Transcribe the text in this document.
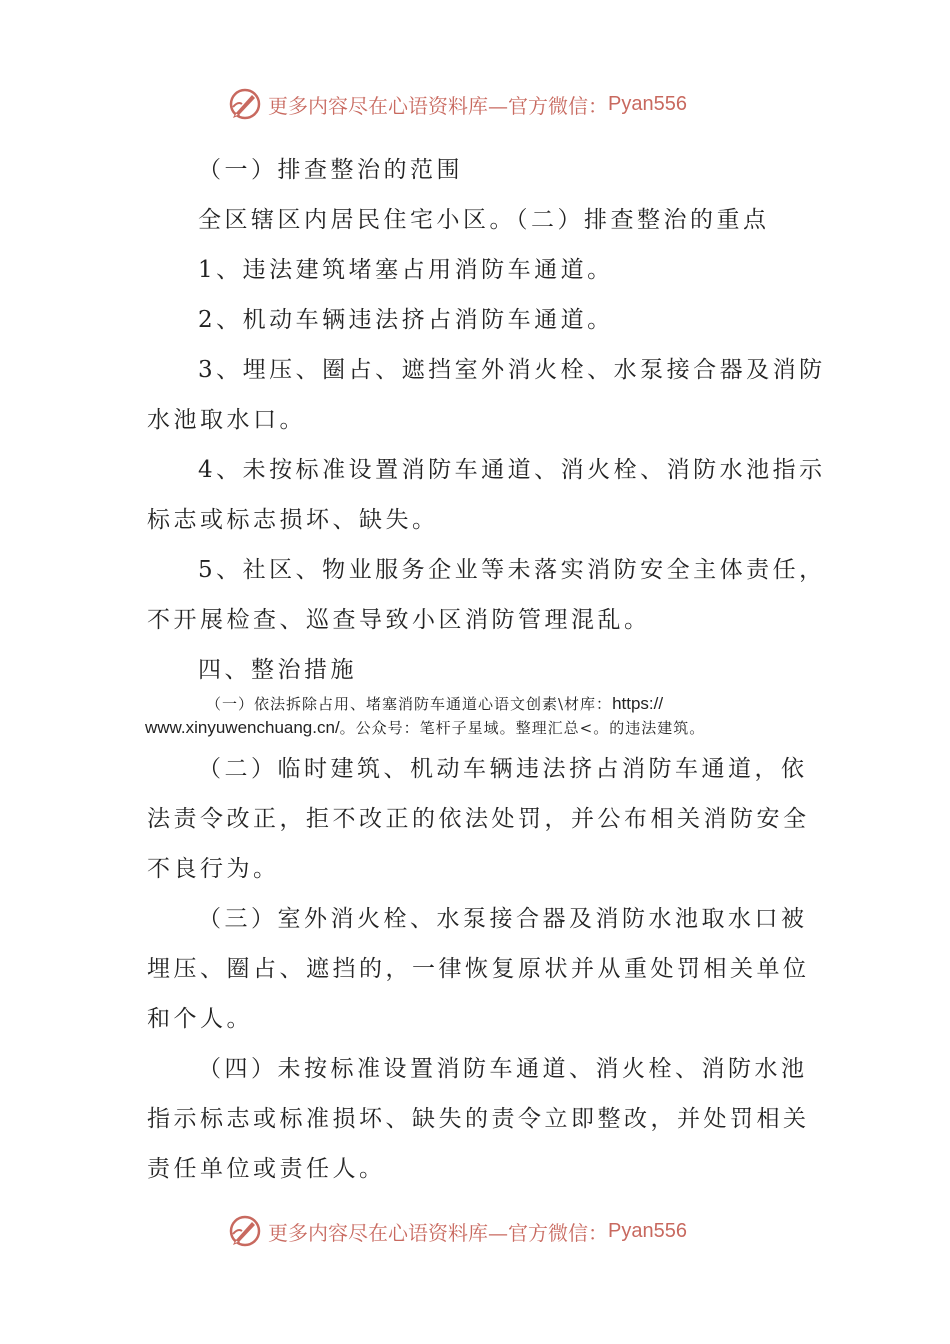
更多内容尽在心语资料库—官方微信： Pyan556
（一）排查整治的范围
全区辖区内居民住宅小区。（二）排查整治的重点
1、违法建筑堵塞占用消防车通道。
2、机动车辆违法挤占消防车通道。
3、埋压、圈占、遮挡室外消火栓、水泵接合器及消防
水池取水口。
4、未按标准设置消防车通道、消火栓、消防水池指示
标志或标志损坏、缺失。
5、社区、物业服务企业等未落实消防安全主体责任，
不开展检查、巡查导致小区消防管理混乱。
四、整治措施
（一）依法拆除占用、堵塞消防车通道心语文创素\材库：https://
www.xinyuwenchuang.cn/。公众号：笔杆子星域。整理汇总<。的违法建筑。
（二）临时建筑、机动车辆违法挤占消防车通道，依
法责令改正，拒不改正的依法处罚，并公布相关消防安全
不良行为。
（三）室外消火栓、水泵接合器及消防水池取水口被
埋压、圈占、遮挡的，一律恢复原状并从重处罚相关单位
和个人。
（四）未按标准设置消防车通道、消火栓、消防水池
指示标志或标准损坏、缺失的责令立即整改，并处罚相关
责任单位或责任人。
更多内容尽在心语资料库—官方微信： Pyan556
